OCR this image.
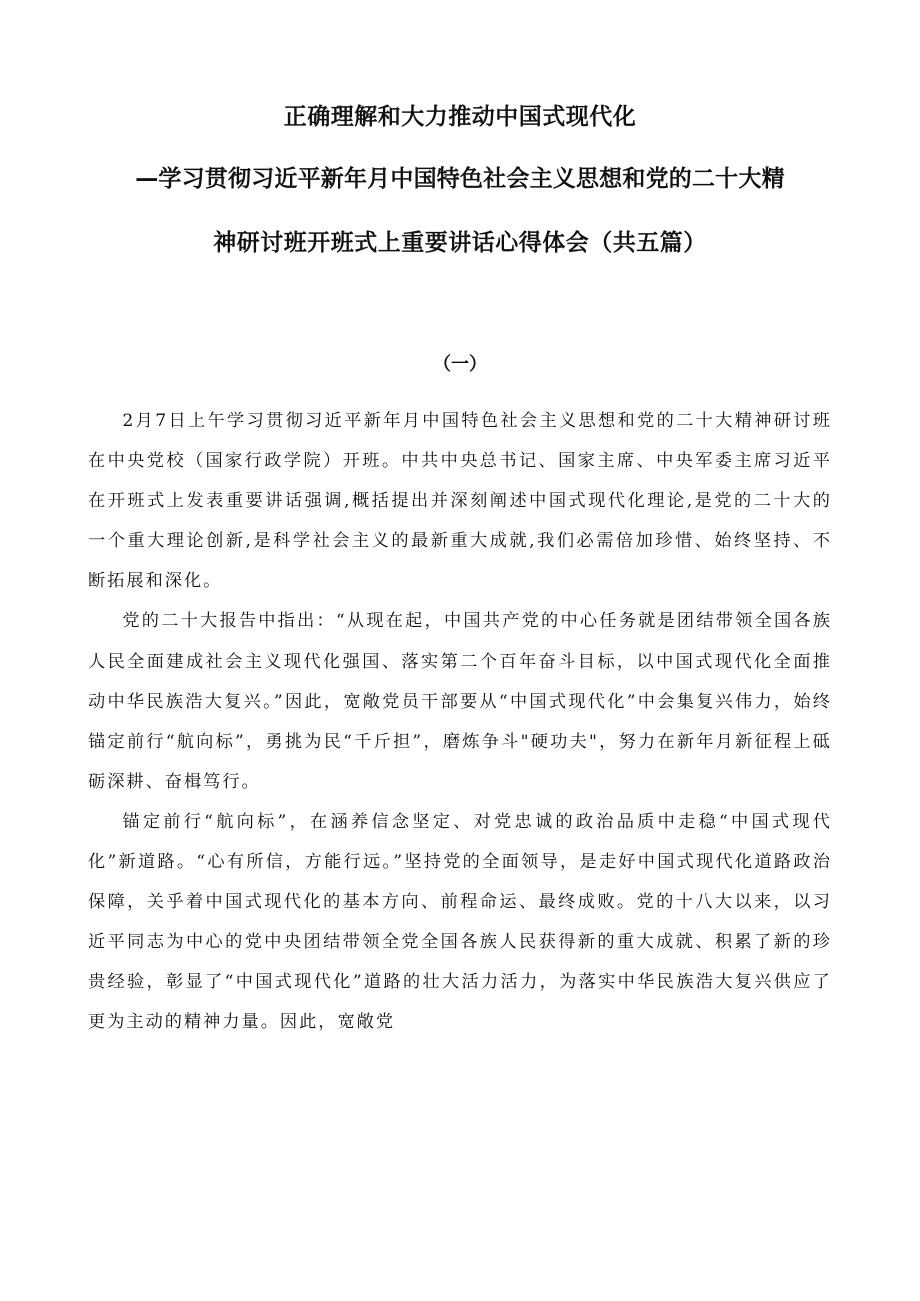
正确理解和大力推动中国式现代化
—学习贯彻习近平新年月中国特色社会主义思想和党的二十大精
神研讨班开班式上重要讲话心得体会（共五篇）
（一）

2月7日上午学习贯彻习近平新年月中国特色社会主义思想和党的二十大精神研讨班在中央党校（国家行政学院）开班。中共中央总书记、国家主席、中央军委主席习近平在开班式上发表重要讲话强调,概括提出并深刻阐述中国式现代化理论,是党的二十大的一个重大理论创新,是科学社会主义的最新重大成就,我们必需倍加珍惜、始终坚持、不断拓展和深化。

党的二十大报告中指出：“从现在起，中国共产党的中心任务就是团结带领全国各族人民全面建成社会主义现代化强国、落实第二个百年奋斗目标，以中国式现代化全面推动中华民族浩大复兴。”因此，宽敞党员干部要从“中国式现代化”中会集复兴伟力，始终锚定前行“航向标”，勇挑为民“千斤担”，磨炼争斗"硬功夫"，努力在新年月新征程上砥砺深耕、奋楫笃行。

锚定前行“航向标”，在涵养信念坚定、对党忠诚的政治品质中走稳“中国式现代化”新道路。“心有所信，方能行远。”坚持党的全面领导，是走好中国式现代化道路政治保障，关乎着中国式现代化的基本方向、前程命运、最终成败。党的十八大以来，以习近平同志为中心的党中央团结带领全党全国各族人民获得新的重大成就、积累了新的珍贵经验，彰显了“中国式现代化”道路的壮大活力活力，为落实中华民族浩大复兴供应了更为主动的精神力量。因此，宽敞党
